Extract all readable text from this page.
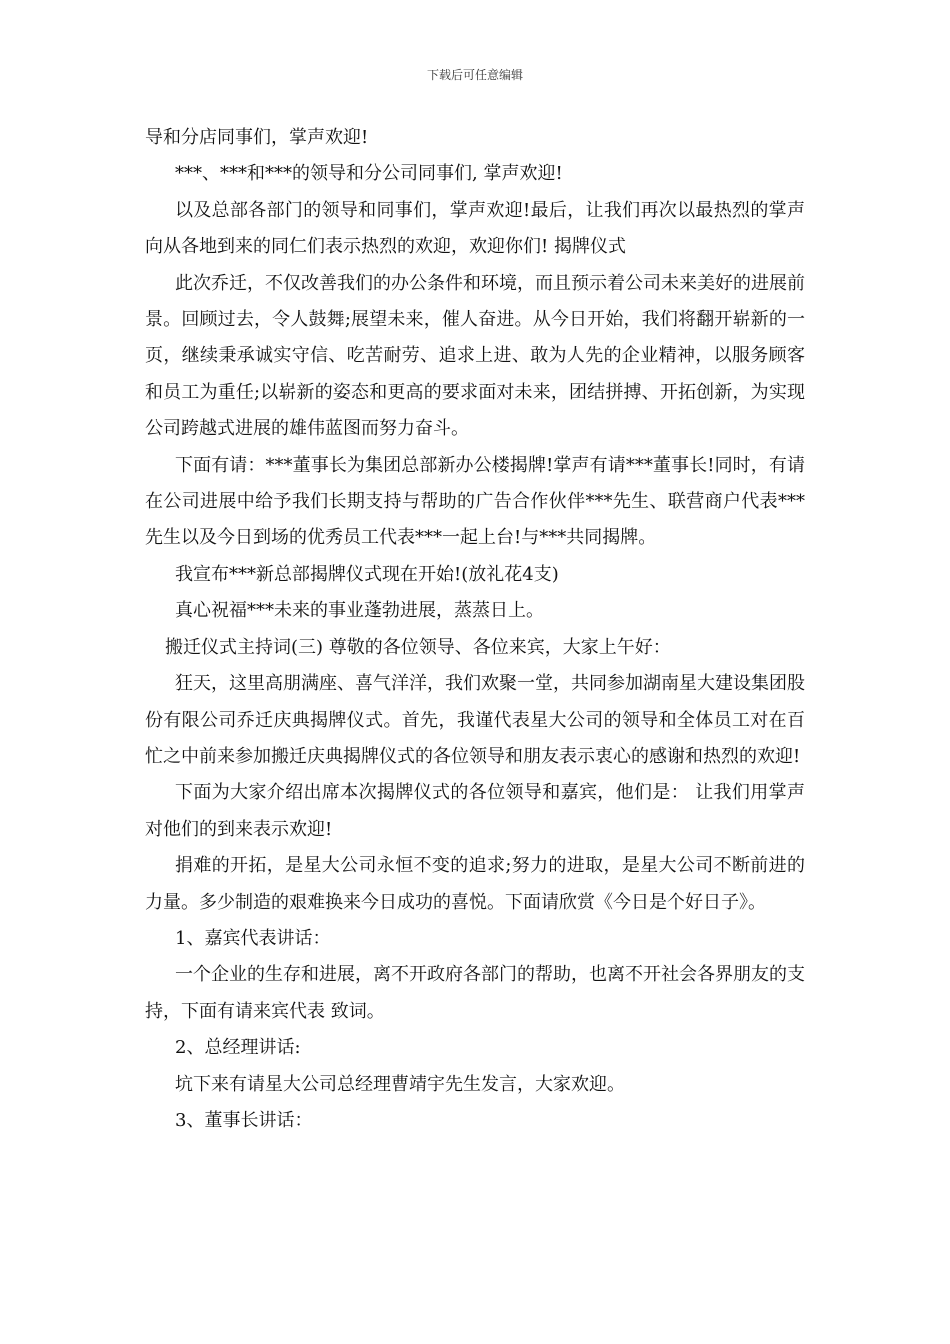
下载后可任意编辑

导和分店同事们，掌声欢迎!

***、***和***的领导和分公司同事们, 掌声欢迎!

以及总部各部门的领导和同事们，掌声欢迎!最后，让我们再次以最热烈的掌声向从各地到来的同仁们表示热烈的欢迎，欢迎你们! 揭牌仪式

此次乔迁，不仅改善我们的办公条件和环境，而且预示着公司未来美好的进展前景。回顾过去，令人鼓舞;展望未来，催人奋进。从今日开始，我们将翻开崭新的一页，继续秉承诚实守信、吃苦耐劳、追求上进、敢为人先的企业精神，以服务顾客和员工为重任;以崭新的姿态和更高的要求面对未来，团结拼搏、开拓创新，为实现公司跨越式进展的雄伟蓝图而努力奋斗。

下面有请：***董事长为集团总部新办公楼揭牌!掌声有请***董事长!同时，有请在公司进展中给予我们长期支持与帮助的广告合作伙伴***先生、联营商户代表***先生以及今日到场的优秀员工代表***一起上台!与***共同揭牌。

我宣布***新总部揭牌仪式现在开始!(放礼花4支)

真心祝福***未来的事业蓬勃进展，蒸蒸日上。

搬迁仪式主持词(三) 尊敬的各位领导、各位来宾，大家上午好：

狂天，这里高朋满座、喜气洋洋，我们欢聚一堂，共同参加湖南星大建设集团股份有限公司乔迁庆典揭牌仪式。首先，我谨代表星大公司的领导和全体员工对在百忙之中前来参加搬迁庆典揭牌仪式的各位领导和朋友表示衷心的感谢和热烈的欢迎!

下面为大家介绍出席本次揭牌仪式的各位领导和嘉宾，他们是： 让我们用掌声对他们的到来表示欢迎!

捐难的开拓，是星大公司永恒不变的追求;努力的进取，是星大公司不断前进的力量。多少制造的艰难换来今日成功的喜悦。下面请欣赏《今日是个好日子》。

1、嘉宾代表讲话：

一个企业的生存和进展，离不开政府各部门的帮助，也离不开社会各界朋友的支持，下面有请来宾代表 致词。

2、总经理讲话:

坑下来有请星大公司总经理曹靖宇先生发言，大家欢迎。

3、董事长讲话：
